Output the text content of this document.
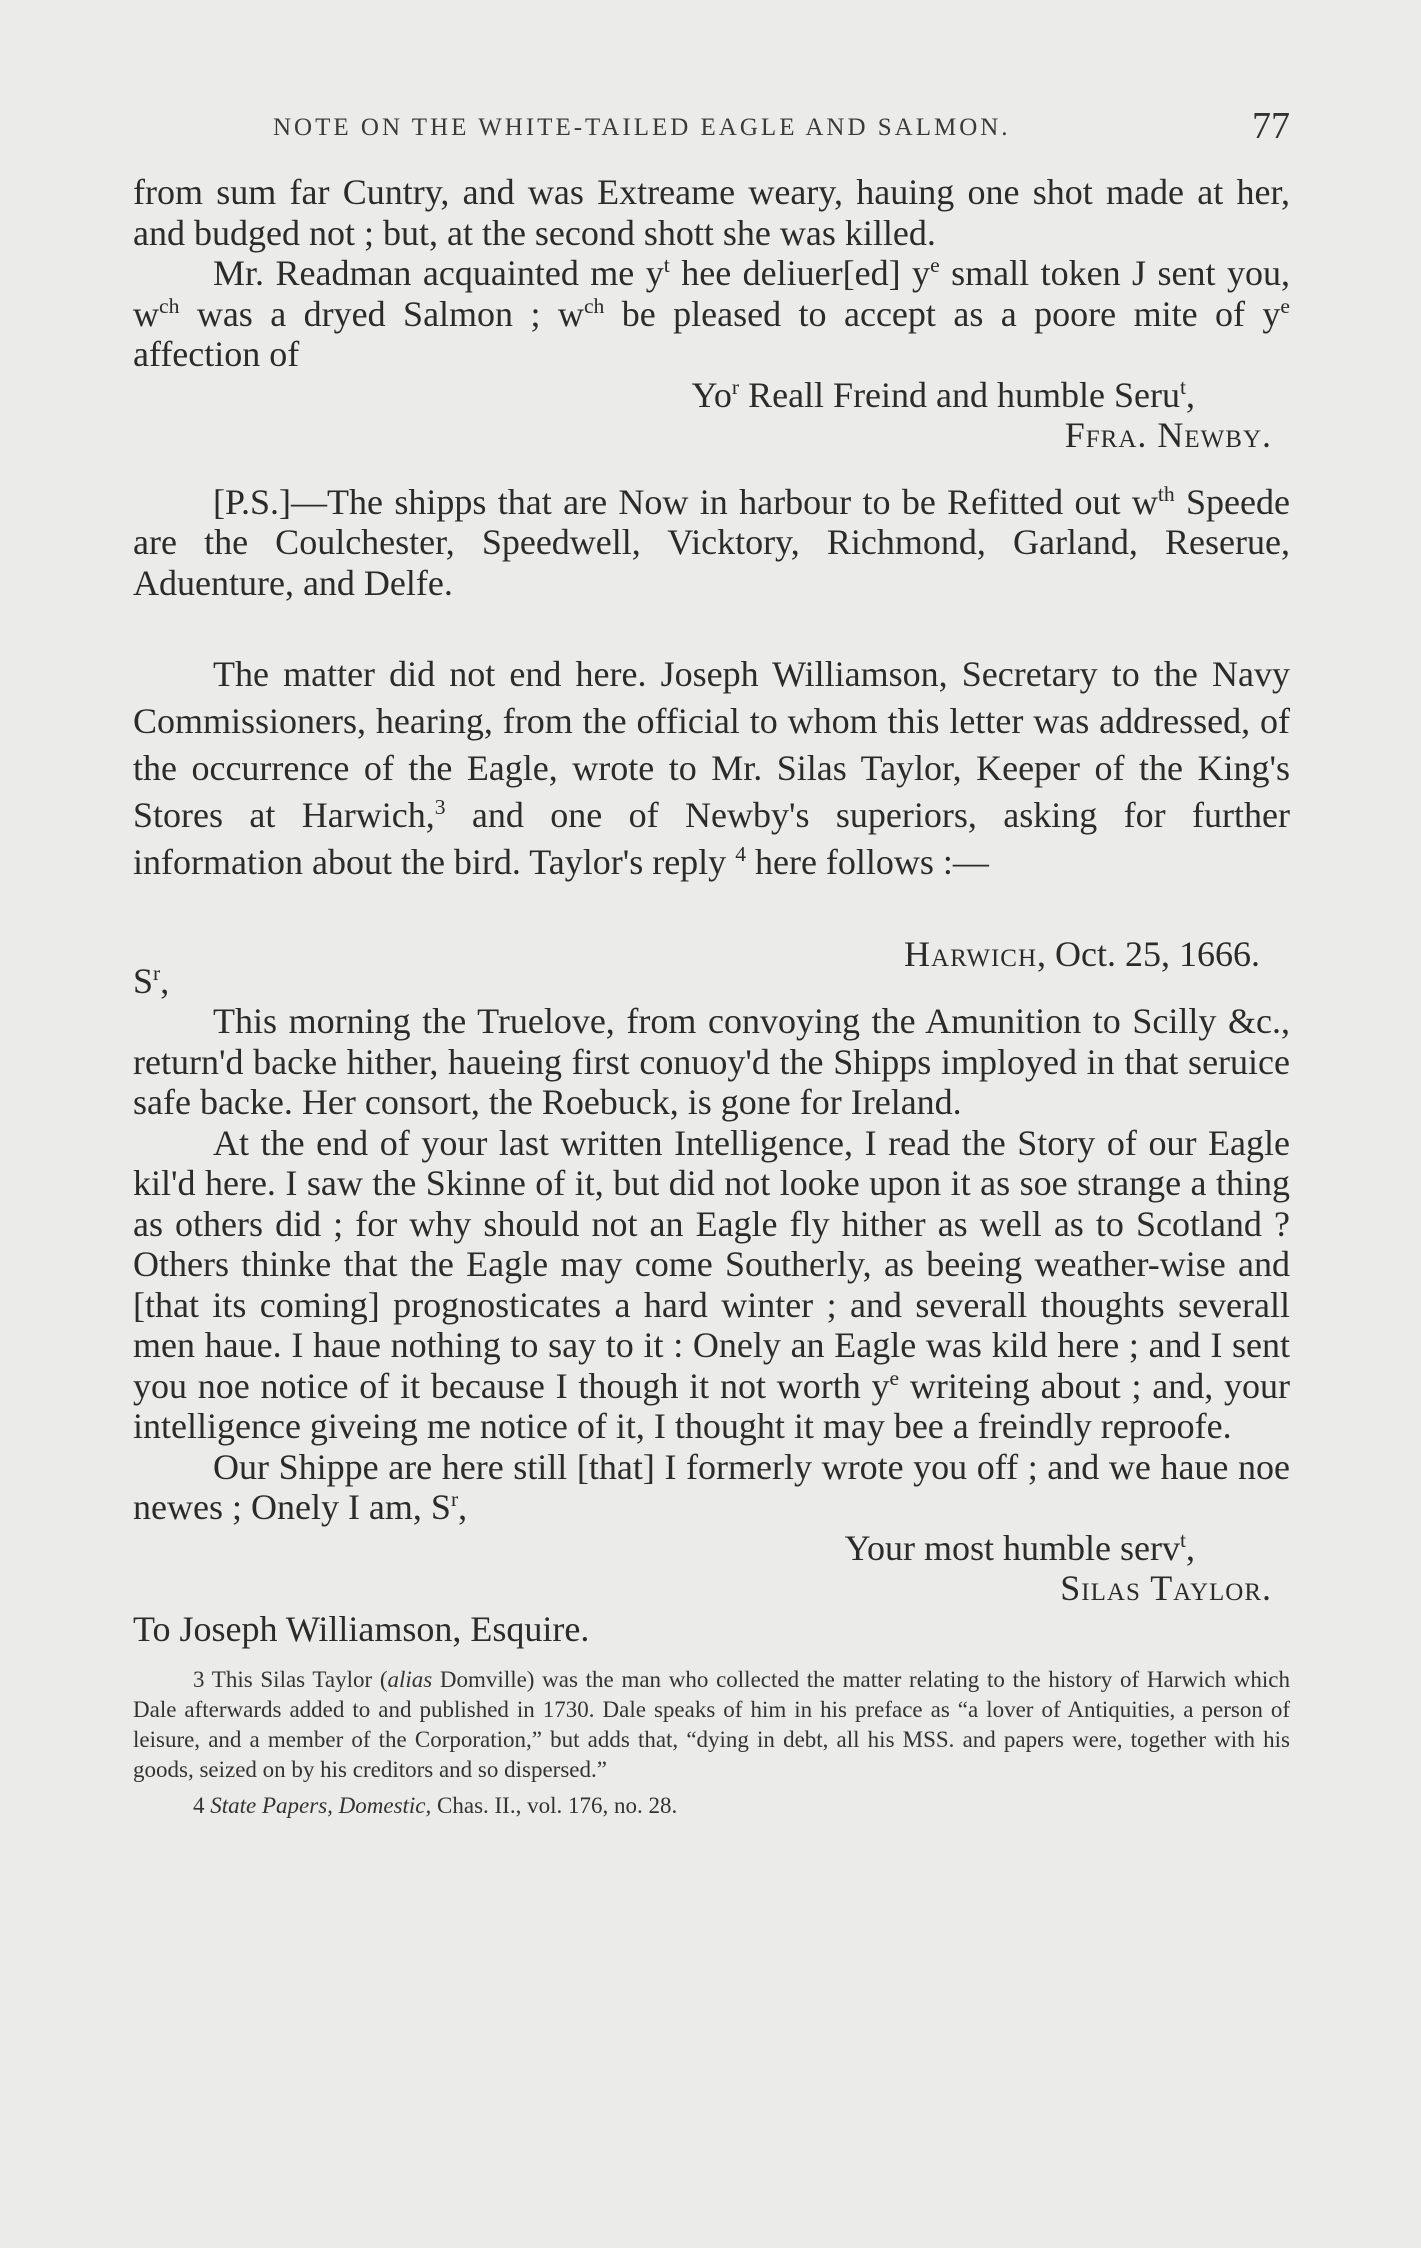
NOTE ON THE WHITE-TAILED EAGLE AND SALMON.	77

from sum far Cuntry, and was Extreame weary, hauing one shot made at her, and budged not ; but, at the second shott she was killed.

Mr. Readman acquainted me $y^t$ hee deliuer[ed] $y^e$ small token J sent you, $w^{ch}$ was a dryed Salmon ; $w^{ch}$ be pleased to accept as a poore mite of $y^e$ affection of

Yo$^r$ Reall Freind and humble Seru$^t$,

Ffra. Newby.

[P.S.]—The shipps that are Now in harbour to be Refitted out $w^{th}$ Speede are the Coulchester, Speedwell, Vicktory, Richmond, Garland, Reserue, Aduenture, and Delfe.

The matter did not end here. Joseph Williamson, Secretary to the Navy Commissioners, hearing, from the official to whom this letter was addressed, of the occurrence of the Eagle, wrote to Mr. Silas Taylor, Keeper of the King's Stores at Harwich,$^3$ and one of Newby's superiors, asking for further information about the bird. Taylor's reply $^4$ here follows :—

Harwich, Oct. 25, 1666.

$S^r$,

This morning the Truelove, from convoying the Amunition to Scilly &c., return'd backe hither, haueing first conuoy'd the Shipps imployed in that seruice safe backe. Her consort, the Roebuck, is gone for Ireland.

At the end of your last written Intelligence, I read the Story of our Eagle kil'd here. I saw the Skinne of it, but did not looke upon it as soe strange a thing as others did ; for why should not an Eagle fly hither as well as to Scotland ? Others thinke that the Eagle may come Southerly, as beeing weather-wise and [that its coming] prognosticates a hard winter ; and severall thoughts severall men haue. I haue nothing to say to it : Onely an Eagle was kild here ; and I sent you noe notice of it because I though it not worth $y^e$ writeing about ; and, your intelligence giveing me notice of it, I thought it may bee a freindly reproofe.

Our Shippe are here still [that] I formerly wrote you off ; and we haue noe newes ; Onely I am, $S^r$,

Your most humble serv$^t$,

Silas Taylor.

To Joseph Williamson, Esquire.

3 This Silas Taylor (alias Domville) was the man who collected the matter relating to the history of Harwich which Dale afterwards added to and published in 1730. Dale speaks of him in his preface as “a lover of Antiquities, a person of leisure, and a member of the Corporation,” but adds that, “dying in debt, all his MSS. and papers were, together with his goods, seized on by his creditors and so dispersed.”

4 State Papers, Domestic, Chas. II., vol. 176, no. 28.
